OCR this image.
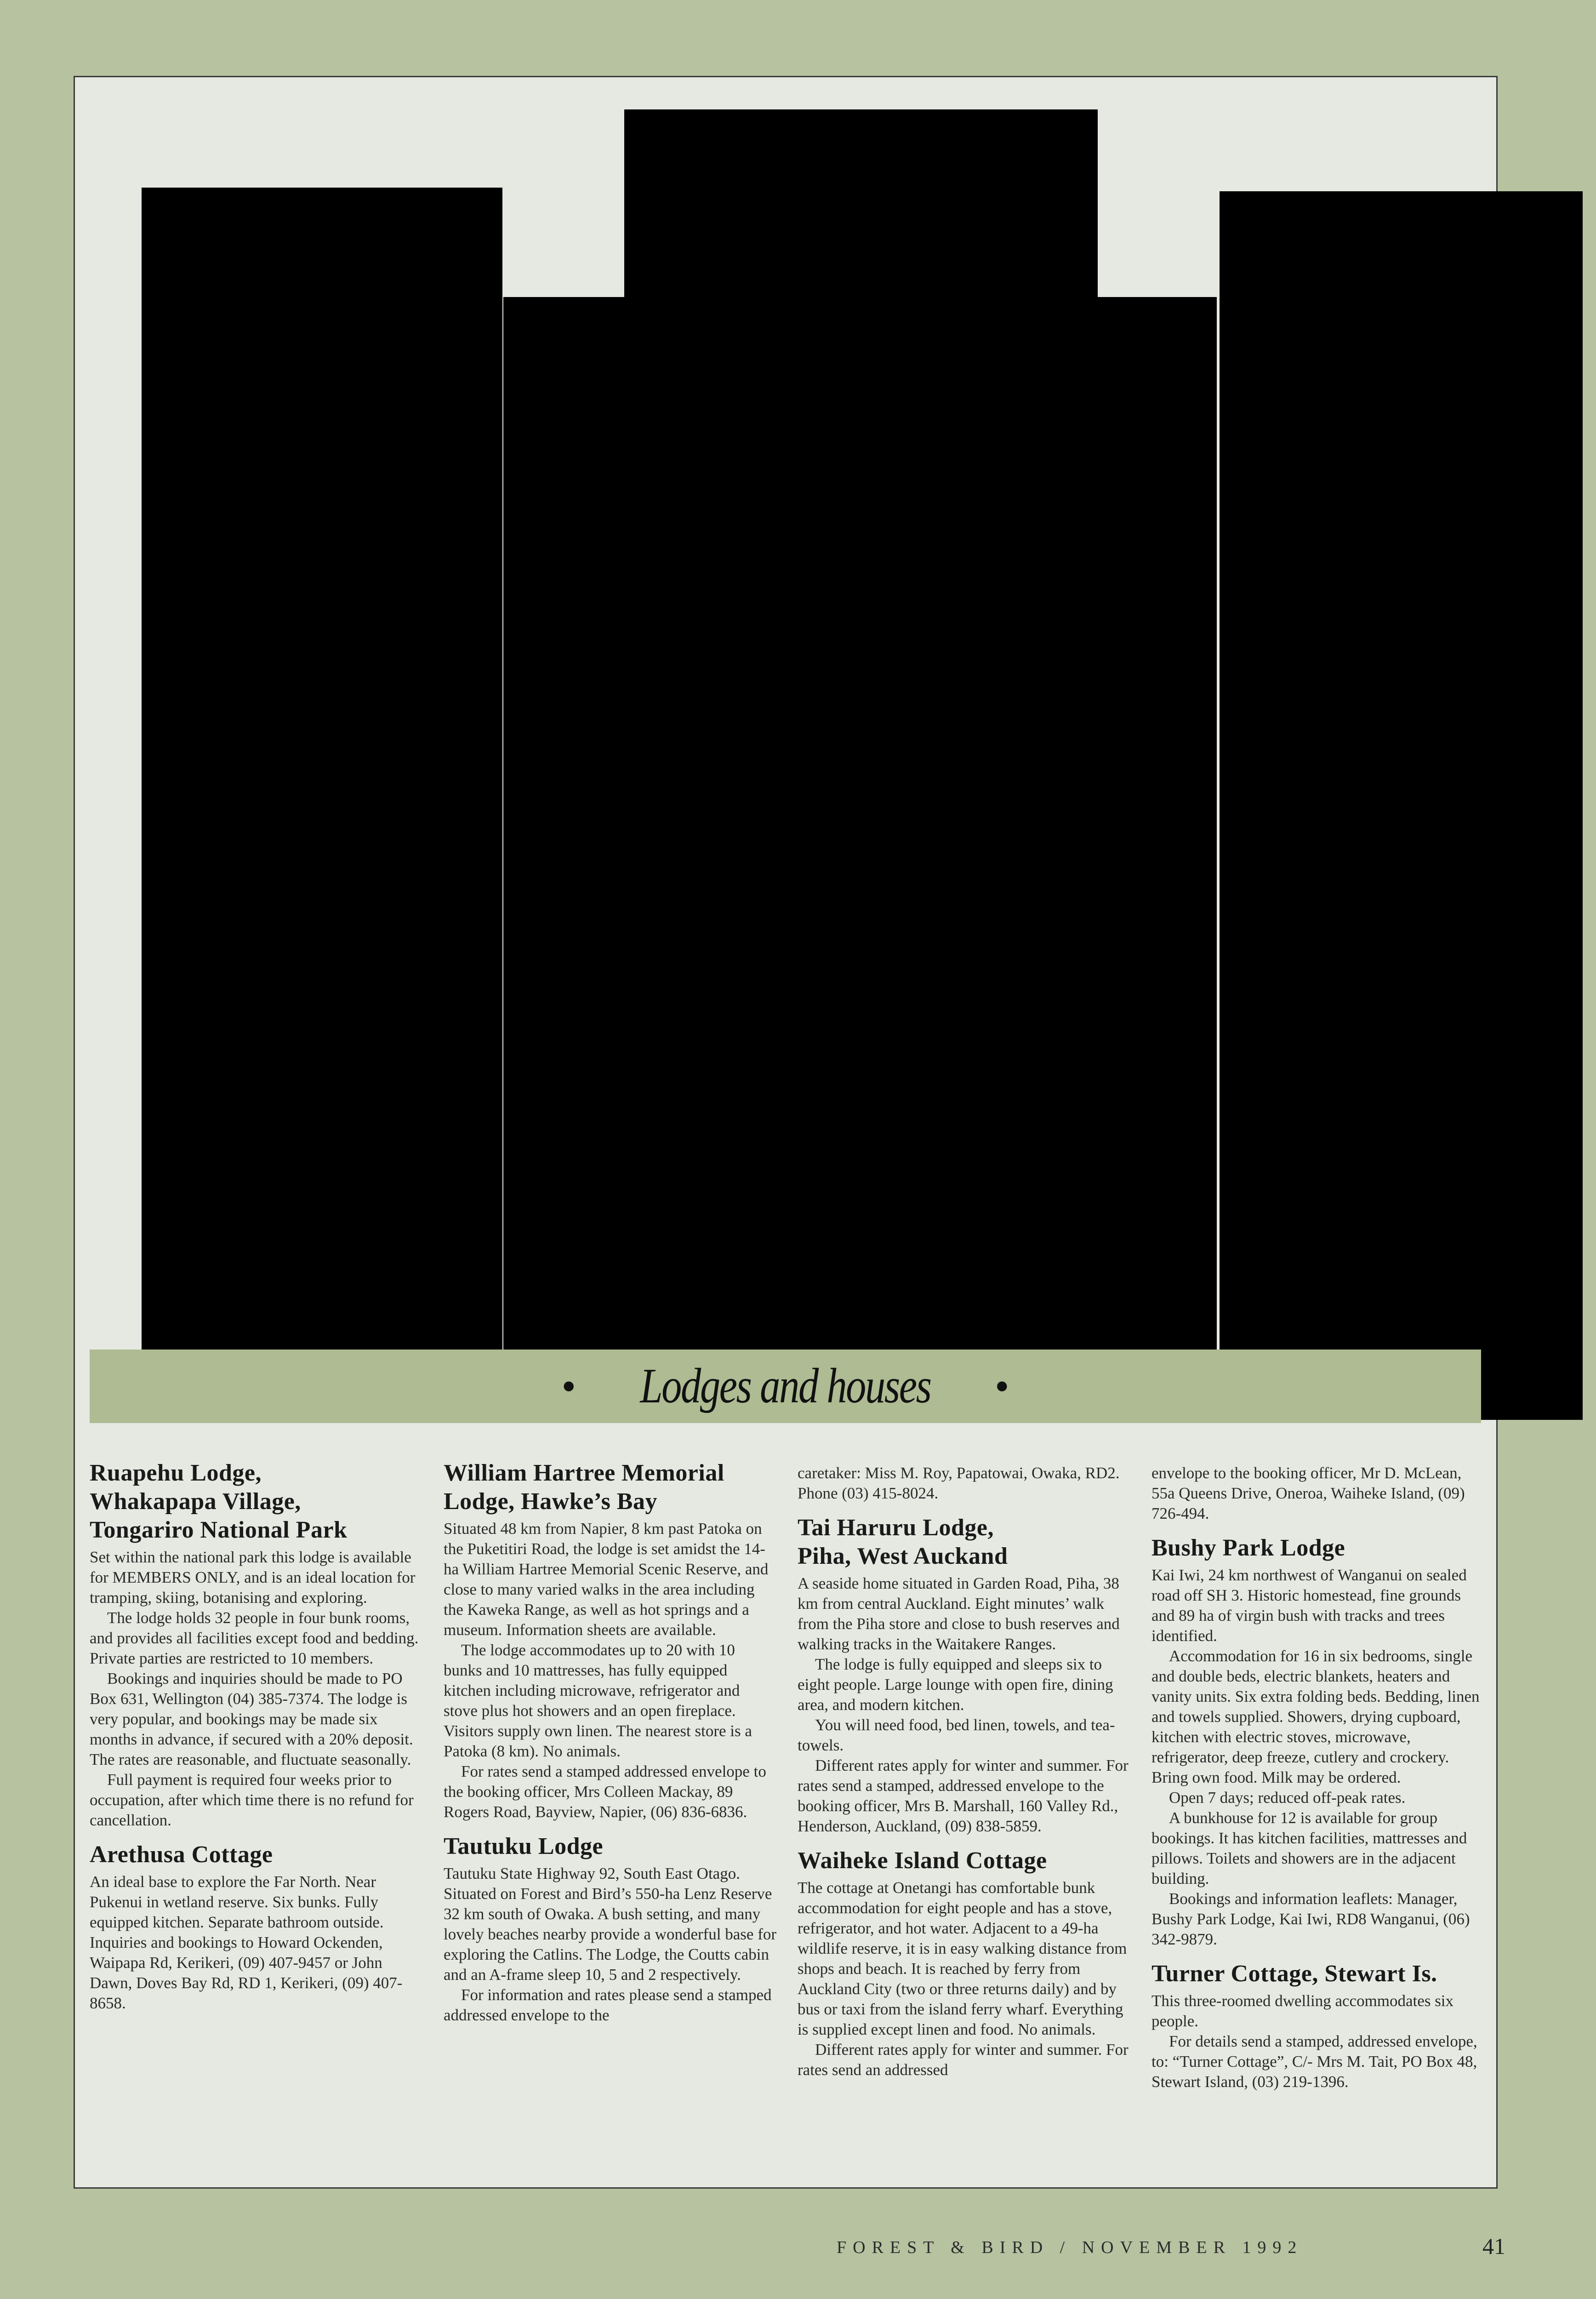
• Lodges and houses •
Ruapehu Lodge,
Whakapapa Village,
Tongariro National Park

Set within the national park this lodge is available for MEMBERS ONLY, and is an ideal location for tramping, skiing, botanising and exploring.

The lodge holds 32 people in four bunk rooms, and provides all facilities except food and bedding. Private parties are restricted to 10 members.

Bookings and inquiries should be made to PO Box 631, Wellington (04) 385-7374. The lodge is very popular, and bookings may be made six months in advance, if secured with a 20% deposit. The rates are reasonable, and fluctuate seasonally.

Full payment is required four weeks prior to occupation, after which time there is no refund for cancellation.

Arethusa Cottage

An ideal base to explore the Far North. Near Pukenui in wetland reserve. Six bunks. Fully equipped kitchen. Separate bathroom outside. Inquiries and bookings to Howard Ockenden, Waipapa Rd, Kerikeri, (09) 407-9457 or John Dawn, Doves Bay Rd, RD 1, Kerikeri, (09) 407-8658.

William Hartree Memorial
Lodge, Hawke’s Bay

Situated 48 km from Napier, 8 km past Patoka on the Puketitiri Road, the lodge is set amidst the 14-ha William Hartree Memorial Scenic Reserve, and close to many varied walks in the area including the Kaweka Range, as well as hot springs and a museum. Information sheets are available.

The lodge accommodates up to 20 with 10 bunks and 10 mattresses, has fully equipped kitchen including microwave, refrigerator and stove plus hot showers and an open fireplace. Visitors supply own linen. The nearest store is a Patoka (8 km). No animals.

For rates send a stamped addressed envelope to the booking officer, Mrs Colleen Mackay, 89 Rogers Road, Bayview, Napier, (06) 836-6836.

Tautuku Lodge

Tautuku State Highway 92, South East Otago. Situated on Forest and Bird’s 550-ha Lenz Reserve 32 km south of Owaka. A bush setting, and many lovely beaches nearby provide a wonderful base for exploring the Catlins. The Lodge, the Coutts cabin and an A-frame sleep 10, 5 and 2 respectively.

For information and rates please send a stamped addressed envelope to the

caretaker: Miss M. Roy, Papatowai, Owaka, RD2. Phone (03) 415-8024.

Tai Haruru Lodge,
Piha, West Auckand

A seaside home situated in Garden Road, Piha, 38 km from central Auckland. Eight minutes’ walk from the Piha store and close to bush reserves and walking tracks in the Waitakere Ranges.

The lodge is fully equipped and sleeps six to eight people. Large lounge with open fire, dining area, and modern kitchen.

You will need food, bed linen, towels, and tea-towels.

Different rates apply for winter and summer. For rates send a stamped, addressed envelope to the booking officer, Mrs B. Marshall, 160 Valley Rd., Henderson, Auckland, (09) 838-5859.

Waiheke Island Cottage

The cottage at Onetangi has comfortable bunk accommodation for eight people and has a stove, refrigerator, and hot water. Adjacent to a 49-ha wildlife reserve, it is in easy walking distance from shops and beach. It is reached by ferry from Auckland City (two or three returns daily) and by bus or taxi from the island ferry wharf. Everything is supplied except linen and food. No animals.

Different rates apply for winter and summer. For rates send an addressed

envelope to the booking officer, Mr D. McLean, 55a Queens Drive, Oneroa, Waiheke Island, (09) 726-494.

Bushy Park Lodge

Kai Iwi, 24 km northwest of Wanganui on sealed road off SH 3. Historic homestead, fine grounds and 89 ha of virgin bush with tracks and trees identified.

Accommodation for 16 in six bedrooms, single and double beds, electric blankets, heaters and vanity units. Six extra folding beds. Bedding, linen and towels supplied. Showers, drying cupboard, kitchen with electric stoves, microwave, refrigerator, deep freeze, cutlery and crockery. Bring own food. Milk may be ordered.

Open 7 days; reduced off-peak rates.

A bunkhouse for 12 is available for group bookings. It has kitchen facilities, mattresses and pillows. Toilets and showers are in the adjacent building.

Bookings and information leaflets: Manager, Bushy Park Lodge, Kai Iwi, RD8 Wanganui, (06) 342-9879.

Turner Cottage, Stewart Is.

This three-roomed dwelling accommodates six people.

For details send a stamped, addressed envelope, to: “Turner Cottage”, C/- Mrs M. Tait, PO Box 48, Stewart Island, (03) 219-1396.

FOREST & BIRD / NOVEMBER 1992	41
